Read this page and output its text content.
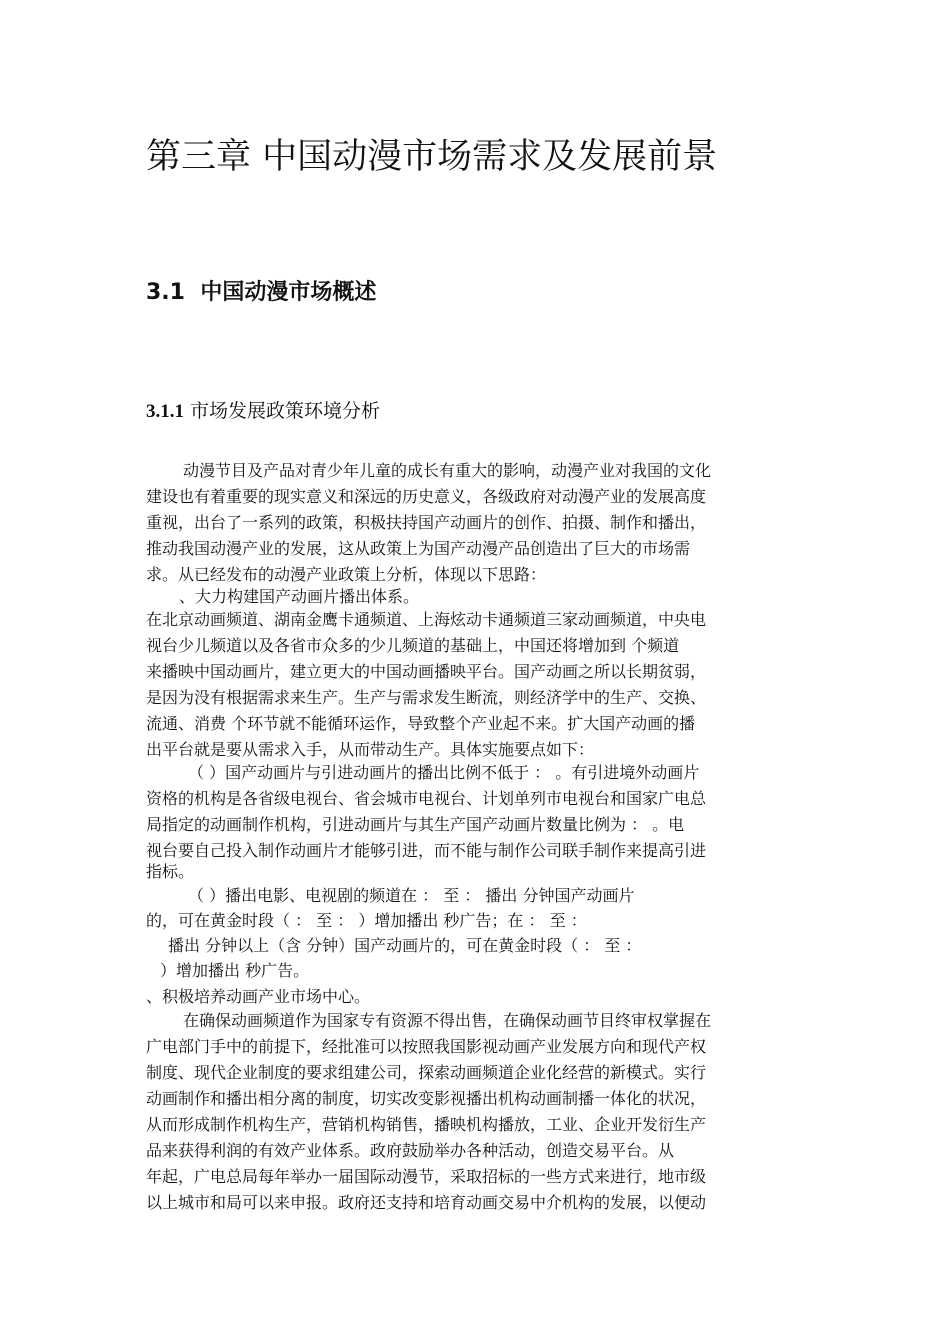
第三章 中国动漫市场需求及发展前景
3.1 中国动漫市场概述
3.1.1 市场发展政策环境分析
动漫节目及产品对青少年儿童的成长有重大的影响，动漫产业对我国的文化
建设也有着重要的现实意义和深远的历史意义，各级政府对动漫产业的发展高度
重视，出台了一系列的政策，积极扶持国产动画片的创作、拍摄、制作和播出，
推动我国动漫产业的发展，这从政策上为国产动漫产品创造出了巨大的市场需
求。从已经发布的动漫产业政策上分析，体现以下思路：
、大力构建国产动画片播出体系。
在北京动画频道、湖南金鹰卡通频道、上海炫动卡通频道三家动画频道，中央电
视台少儿频道以及各省市众多的少儿频道的基础上，中国还将增加到 个频道
来播映中国动画片，建立更大的中国动画播映平台。国产动画之所以长期贫弱，
是因为没有根据需求来生产。生产与需求发生断流，则经济学中的生产、交换、
流通、消费 个环节就不能循环运作，导致整个产业起不来。扩大国产动画的播
出平台就是要从需求入手，从而带动生产。具体实施要点如下：
（ ）国产动画片与引进动画片的播出比例不低于 ： 。有引进境外动画片
资格的机构是各省级电视台、省会城市电视台、计划单列市电视台和国家广电总
局指定的动画制作机构，引进动画片与其生产国产动画片数量比例为 ： 。电
视台要自己投入制作动画片才能够引进，而不能与制作公司联手制作来提高引进
指标。
（ ）播出电影、电视剧的频道在 ： 至 ： 播出 分钟国产动画片
的，可在黄金时段（ ： 至 ： ）增加播出 秒广告；在 ： 至 ：
播出 分钟以上（含 分钟）国产动画片的，可在黄金时段（ ： 至 ：
）增加播出 秒广告。
、积极培养动画产业市场中心。
在确保动画频道作为国家专有资源不得出售，在确保动画节目终审权掌握在
广电部门手中的前提下，经批准可以按照我国影视动画产业发展方向和现代产权
制度、现代企业制度的要求组建公司，探索动画频道企业化经营的新模式。实行
动画制作和播出相分离的制度，切实改变影视播出机构动画制播一体化的状况，
从而形成制作机构生产，营销机构销售，播映机构播放，工业、企业开发衍生产
品来获得利润的有效产业体系。政府鼓励举办各种活动，创造交易平台。从
年起，广电总局每年举办一届国际动漫节，采取招标的一些方式来进行，地市级
以上城市和局可以来申报。政府还支持和培育动画交易中介机构的发展，以便动
